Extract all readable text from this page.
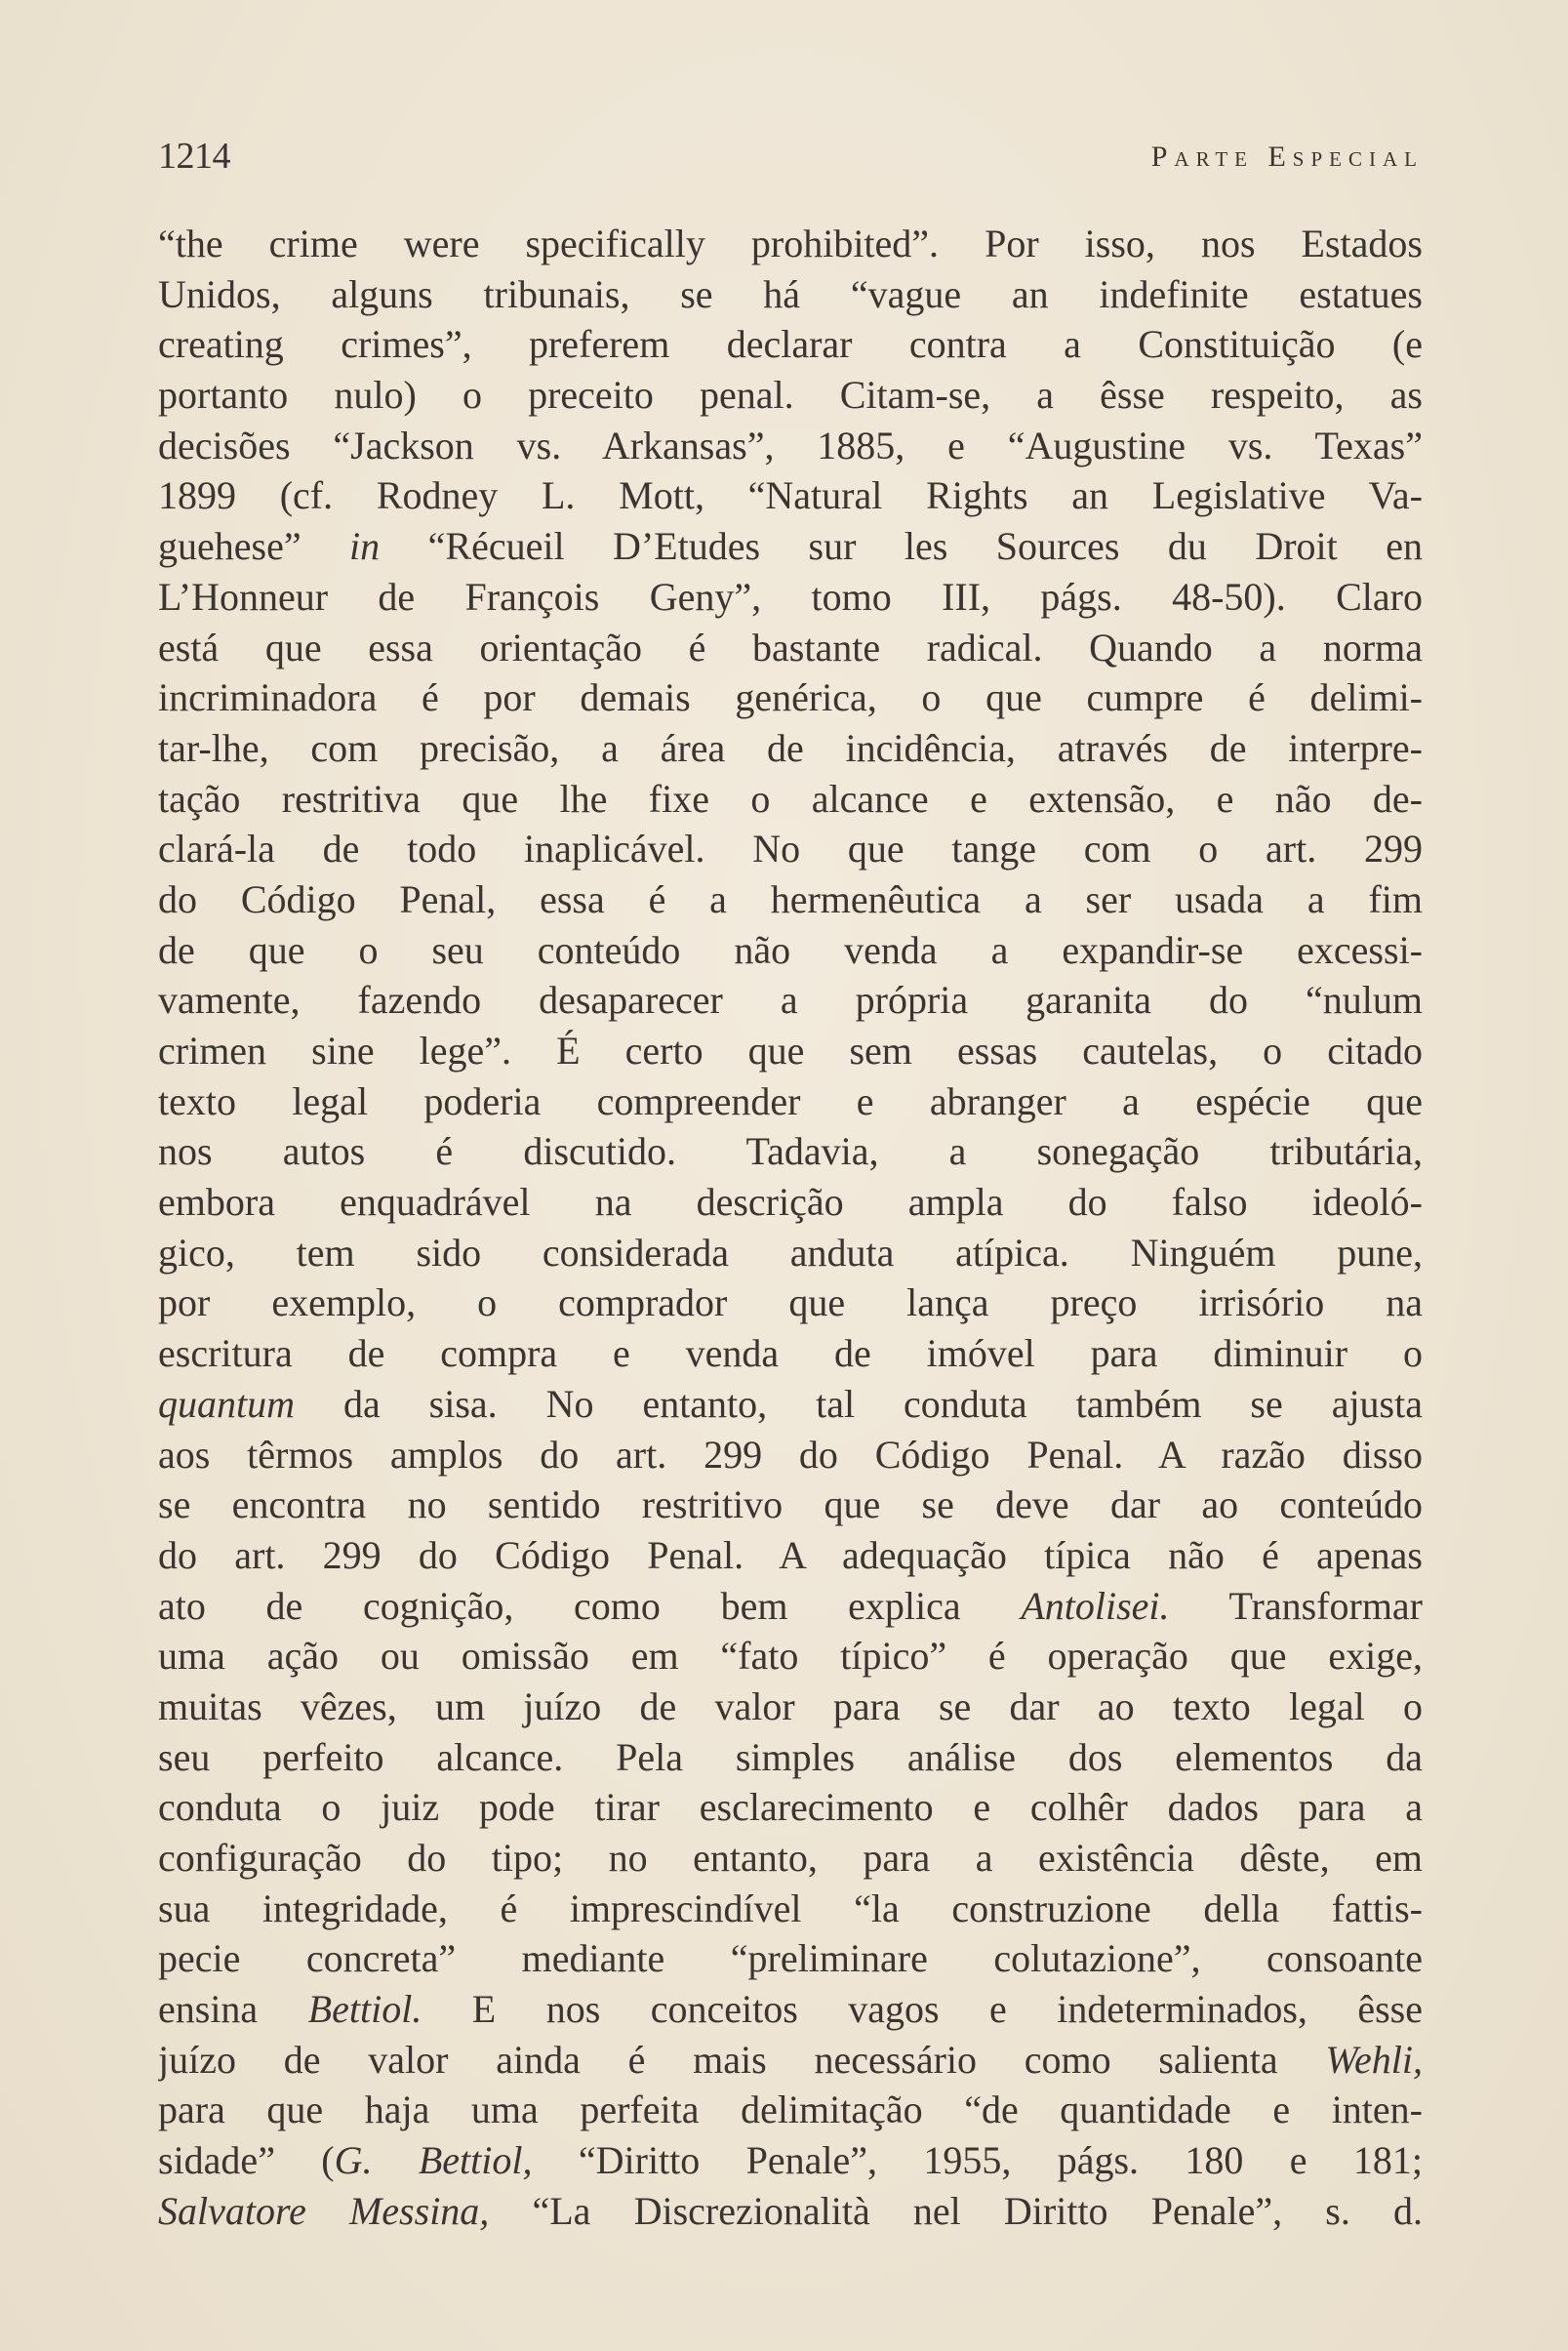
1214	Parte Especial
“the crime were specifically prohibited”. Por isso, nos Estados
Unidos, alguns tribunais, se há “vague an indefinite estatues
creating crimes”, preferem declarar contra a Constituição (e
portanto nulo) o preceito penal. Citam-se, a êsse respeito, as
decisões “Jackson vs. Arkansas”, 1885, e “Augustine vs. Texas”
1899 (cf. Rodney L. Mott, “Natural Rights an Legislative Va-
guehese” in “Récueil D’Etudes sur les Sources du Droit en
L’Honneur de François Geny”, tomo III, págs. 48-50). Claro
está que essa orientação é bastante radical. Quando a norma
incriminadora é por demais genérica, o que cumpre é delimi-
tar-lhe, com precisão, a área de incidência, através de interpre-
tação restritiva que lhe fixe o alcance e extensão, e não de-
clará-la de todo inaplicável. No que tange com o art. 299
do Código Penal, essa é a hermenêutica a ser usada a fim
de que o seu conteúdo não venda a expandir-se excessi-
vamente, fazendo desaparecer a própria garanita do “nulum
crimen sine lege”. É certo que sem essas cautelas, o citado
texto legal poderia compreender e abranger a espécie que
nos autos é discutido. Tadavia, a sonegação tributária,
embora enquadrável na descrição ampla do falso ideoló-
gico, tem sido considerada anduta atípica. Ninguém pune,
por exemplo, o comprador que lança preço irrisório na
escritura de compra e venda de imóvel para diminuir o
quantum da sisa. No entanto, tal conduta também se ajusta
aos têrmos amplos do art. 299 do Código Penal. A razão disso
se encontra no sentido restritivo que se deve dar ao conteúdo
do art. 299 do Código Penal. A adequação típica não é apenas
ato de cognição, como bem explica Antolisei. Transformar
uma ação ou omissão em “fato típico” é operação que exige,
muitas vêzes, um juízo de valor para se dar ao texto legal o
seu perfeito alcance. Pela simples análise dos elementos da
conduta o juiz pode tirar esclarecimento e colhêr dados para a
configuração do tipo; no entanto, para a existência dêste, em
sua integridade, é imprescindível “la construzione della fattis-
pecie concreta” mediante “preliminare colutazione”, consoante
ensina Bettiol. E nos conceitos vagos e indeterminados, êsse
juízo de valor ainda é mais necessário como salienta Wehli,
para que haja uma perfeita delimitação “de quantidade e inten-
sidade” (G. Bettiol, “Diritto Penale”, 1955, págs. 180 e 181;
Salvatore Messina, “La Discrezionalità nel Diritto Penale”, s. d.
